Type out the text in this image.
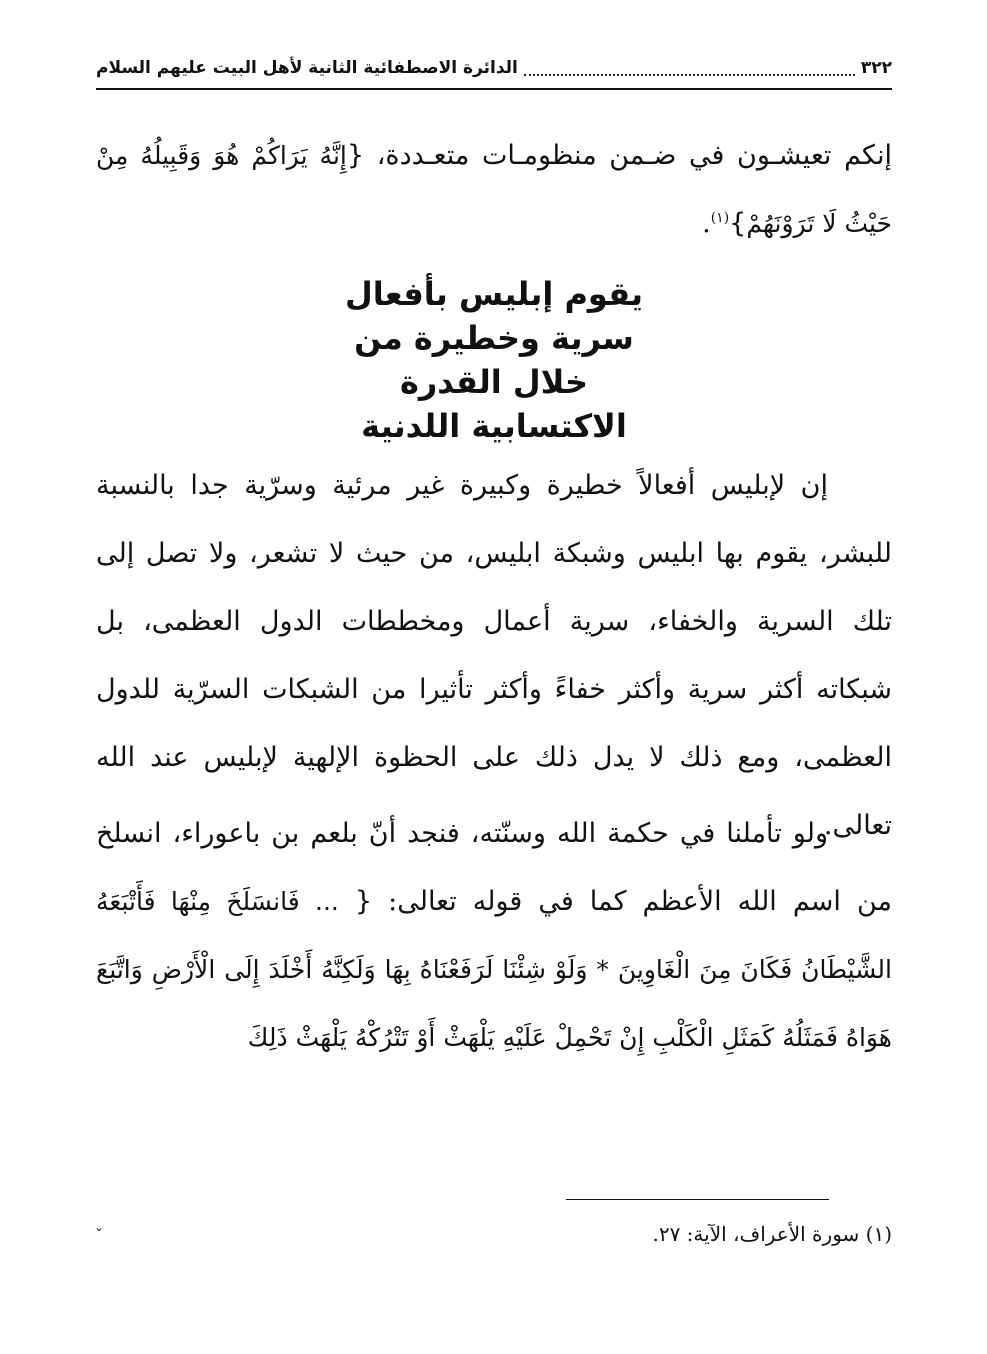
٣٢٢
الدائرة الاصطفائية الثانية لأهل البيت عليهم السلام
إنكم تعيشـون في ضـمن منظومـات متعـددة، {إِنَّهُ يَرَاكُمْ هُوَ وَقَبِيلُهُ مِنْ حَيْثُ لَا تَرَوْنَهُمْ}$^{(١)}$.
يقوم إبليس بأفعال
سرية وخطيرة من
خلال القدرة
الاكتسابية اللدنية
إن لإبليس أفعالاً خطيرة وكبيرة غير مرئية وسرّية جدا بالنسبة للبشر، يقوم بها ابليس وشبكة ابليس، من حيث لا تشعر، ولا تصل إلى تلك السرية والخفاء، سرية أعمال ومخططات الدول العظمى، بل شبكاته أكثر سرية وأكثر خفاءً وأكثر تأثيرا من الشبكات السرّية للدول العظمى، ومع ذلك لا يدل ذلك على الحظوة الإلهية لإبليس عند الله تعالى.
ولو تأملنا في حكمة الله وسنّته، فنجد أنّ بلعم بن باعوراء، انسلخ من اسم الله الأعظم كما في قوله تعالى: { ... فَانسَلَخَ مِنْهَا فَأَتْبَعَهُ الشَّيْطَانُ فَكَانَ مِنَ الْغَاوِينَ * وَلَوْ شِئْنَا لَرَفَعْنَاهُ بِهَا وَلَكِنَّهُ أَخْلَدَ إِلَى الْأَرْضِ وَاتَّبَعَ هَوَاهُ فَمَثَلُهُ كَمَثَلِ الْكَلْبِ إِنْ تَحْمِلْ عَلَيْهِ يَلْهَثْ أَوْ تَتْرُكْهُ يَلْهَثْ ذَلِكَ
(١) سورة الأعراف، الآية: ٢٧.
ˇ
